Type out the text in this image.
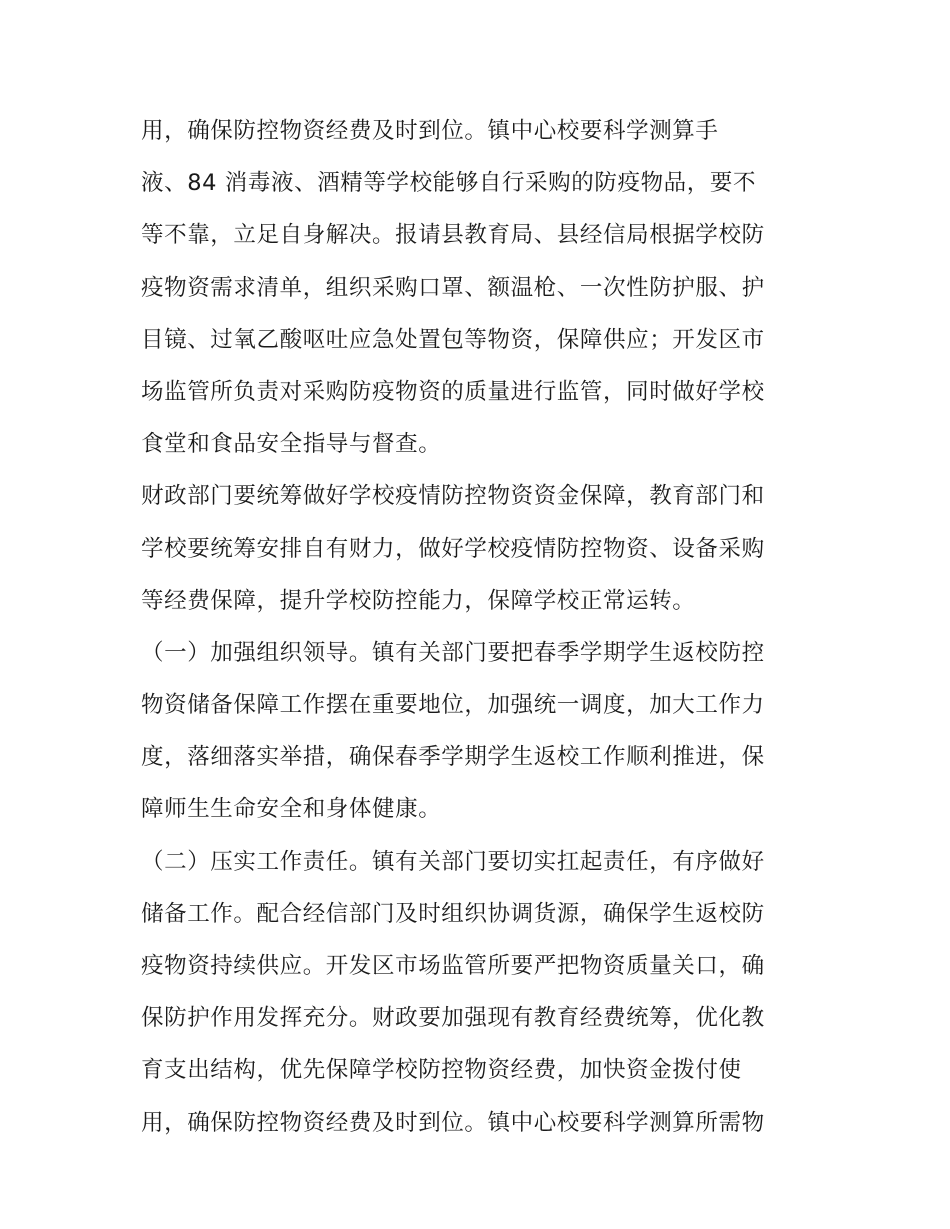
用，确保防控物资经费及时到位。镇中心校要科学测算手
液、84 消毒液、酒精等学校能够自行采购的防疫物品，要不
等不靠，立足自身解决。报请县教育局、县经信局根据学校防
疫物资需求清单，组织采购口罩、额温枪、一次性防护服、护
目镜、过氧乙酸呕吐应急处置包等物资，保障供应；开发区市
场监管所负责对采购防疫物资的质量进行监管，同时做好学校
食堂和食品安全指导与督查。
财政部门要统筹做好学校疫情防控物资资金保障，教育部门和
学校要统筹安排自有财力，做好学校疫情防控物资、设备采购
等经费保障，提升学校防控能力，保障学校正常运转。
（一）加强组织领导。镇有关部门要把春季学期学生返校防控
物资储备保障工作摆在重要地位，加强统一调度，加大工作力
度，落细落实举措，确保春季学期学生返校工作顺利推进，保
障师生生命安全和身体健康。
（二）压实工作责任。镇有关部门要切实扛起责任，有序做好
储备工作。配合经信部门及时组织协调货源，确保学生返校防
疫物资持续供应。开发区市场监管所要严把物资质量关口，确
保防护作用发挥充分。财政要加强现有教育经费统筹，优化教
育支出结构，优先保障学校防控物资经费，加快资金拨付使
用，确保防控物资经费及时到位。镇中心校要科学测算所需物
